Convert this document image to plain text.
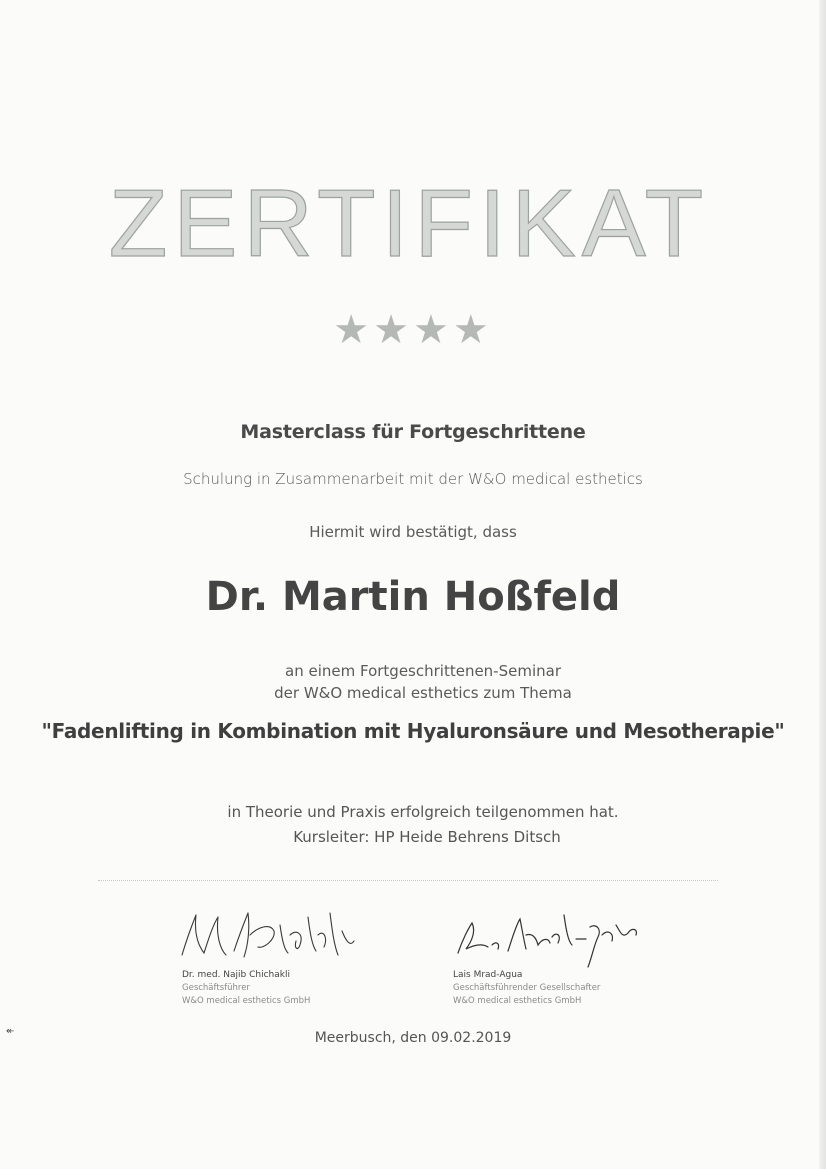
ZERTIFIKAT
★★★★
Masterclass für Fortgeschrittene
Schulung in Zusammenarbeit mit der W&O medical esthetics
Hiermit wird bestätigt, dass
Dr. Martin Hoßfeld
an einem Fortgeschrittenen-Seminar
der W&O medical esthetics zum Thema
"Fadenlifting in Kombination mit Hyaluronsäure und Mesotherapie"
in Theorie und Praxis erfolgreich teilgenommen hat.
Kursleiter: HP Heide Behrens Ditsch
Dr. med. Najib Chichakli
Geschäftsführer
W&O medical esthetics GmbH
Lais Mrad-Agua
Geschäftsführender Gesellschafter
W&O medical esthetics GmbH
Meerbusch, den 09.02.2019
↞
